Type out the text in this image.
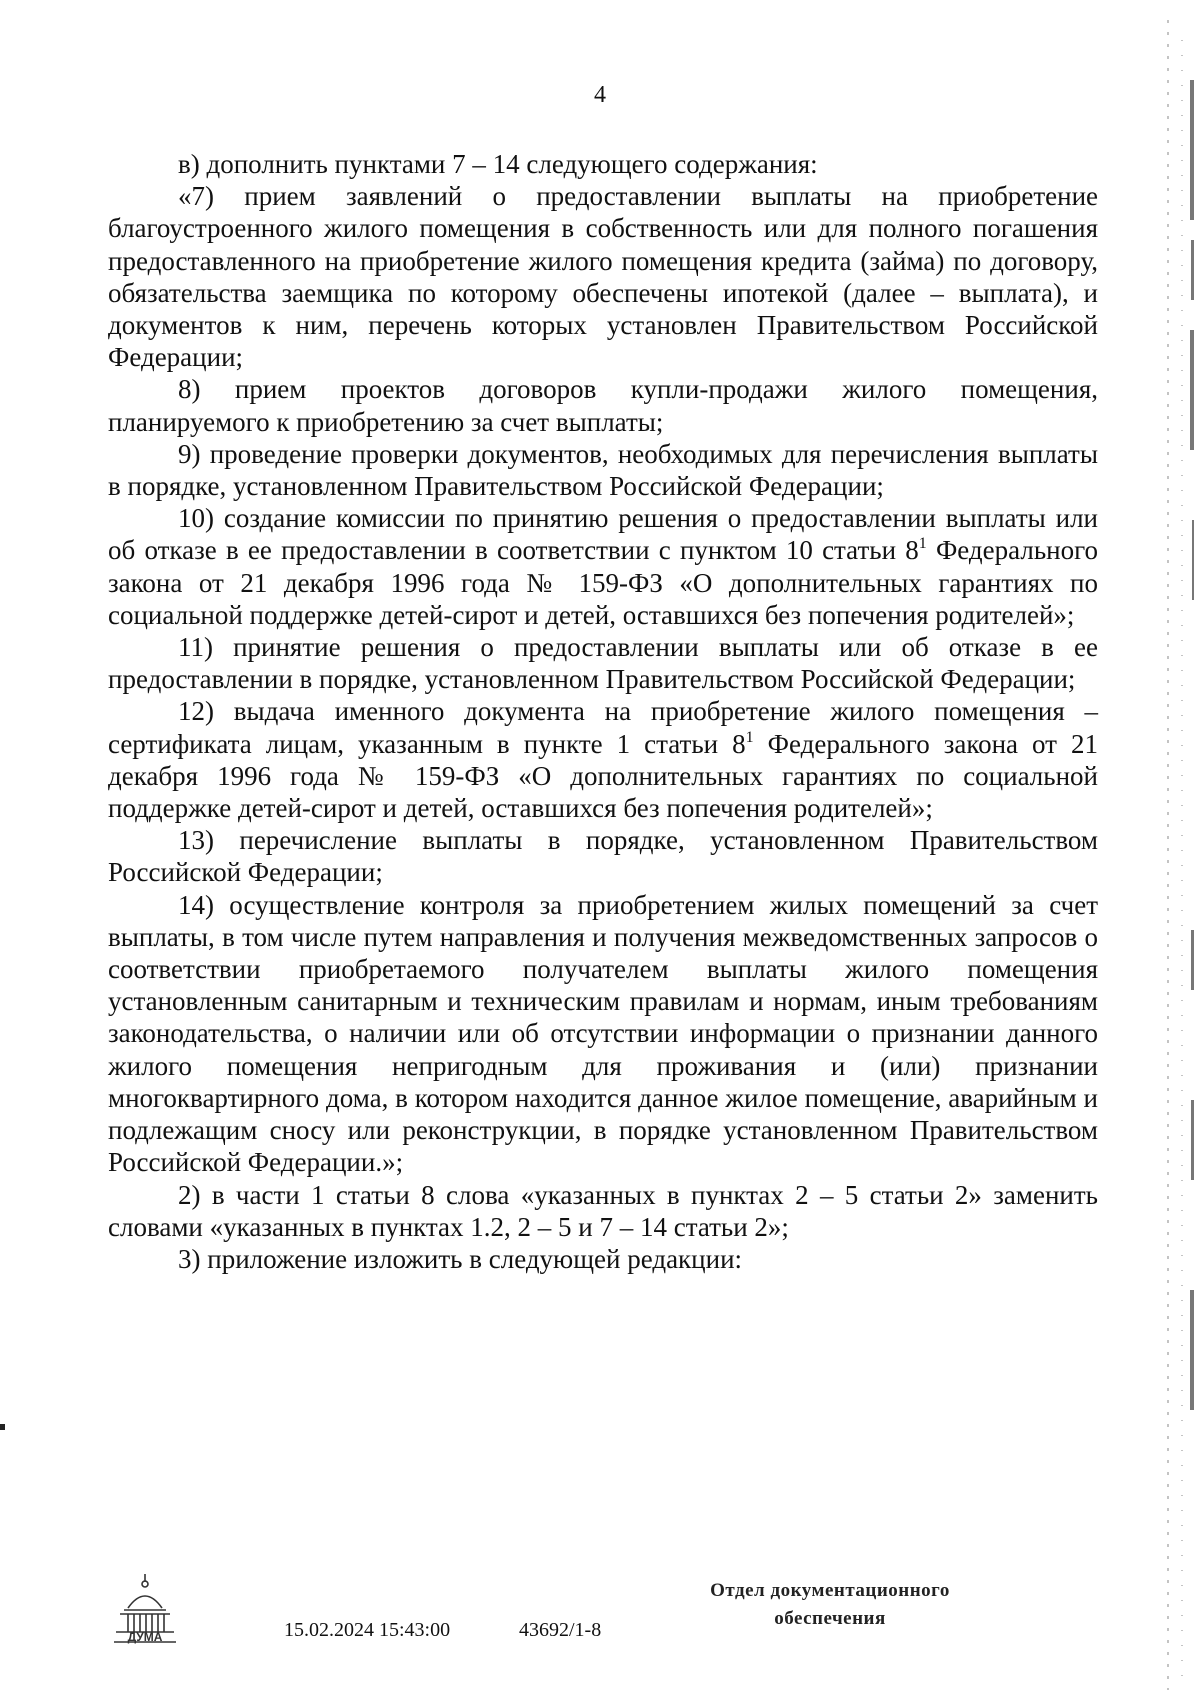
4

в) дополнить пунктами 7 – 14 следующего содержания:

«7) прием заявлений о предоставлении выплаты на приобретение благоустроенного жилого помещения в собственность или для полного погашения предоставленного на приобретение жилого помещения кредита (займа) по договору, обязательства заемщика по которому обеспечены ипотекой (далее – выплата), и документов к ним, перечень которых установлен Правительством Российской Федерации;

8) прием проектов договоров купли-продажи жилого помещения, планируемого к приобретению за счет выплаты;

9) проведение проверки документов, необходимых для перечисления выплаты в порядке, установленном Правительством Российской Федерации;

10) создание комиссии по принятию решения о предоставлении выплаты или об отказе в ее предоставлении в соответствии с пунктом 10 статьи $8^1$ Федерального закона от 21 декабря 1996 года № 159-ФЗ «О дополнительных гарантиях по социальной поддержке детей-сирот и детей, оставшихся без попечения родителей»;

11) принятие решения о предоставлении выплаты или об отказе в ее предоставлении в порядке, установленном Правительством Российской Федерации;

12) выдача именного документа на приобретение жилого помещения – сертификата лицам, указанным в пункте 1 статьи $8^1$ Федерального закона от 21 декабря 1996 года № 159-ФЗ «О дополнительных гарантиях по социальной поддержке детей-сирот и детей, оставшихся без попечения родителей»;

13) перечисление выплаты в порядке, установленном Правительством Российской Федерации;

14) осуществление контроля за приобретением жилых помещений за счет выплаты, в том числе путем направления и получения межведомственных запросов о соответствии приобретаемого получателем выплаты жилого помещения установленным санитарным и техническим правилам и нормам, иным требованиям законодательства, о наличии или об отсутствии информации о признании данного жилого помещения непригодным для проживания и (или) признании многоквартирного дома, в котором находится данное жилое помещение, аварийным и подлежащим сносу или реконструкции, в порядке установленном Правительством Российской Федерации.»;

2) в части 1 статьи 8 слова «указанных в пунктах 2 – 5 статьи 2» заменить словами «указанных в пунктах 1.2, 2 – 5 и 7 – 14 статьи 2»;

3) приложение изложить в следующей редакции:

ДУМА	15.02.2024 15:43:00	43692/1-8
Отдел документационного
обеспечения
